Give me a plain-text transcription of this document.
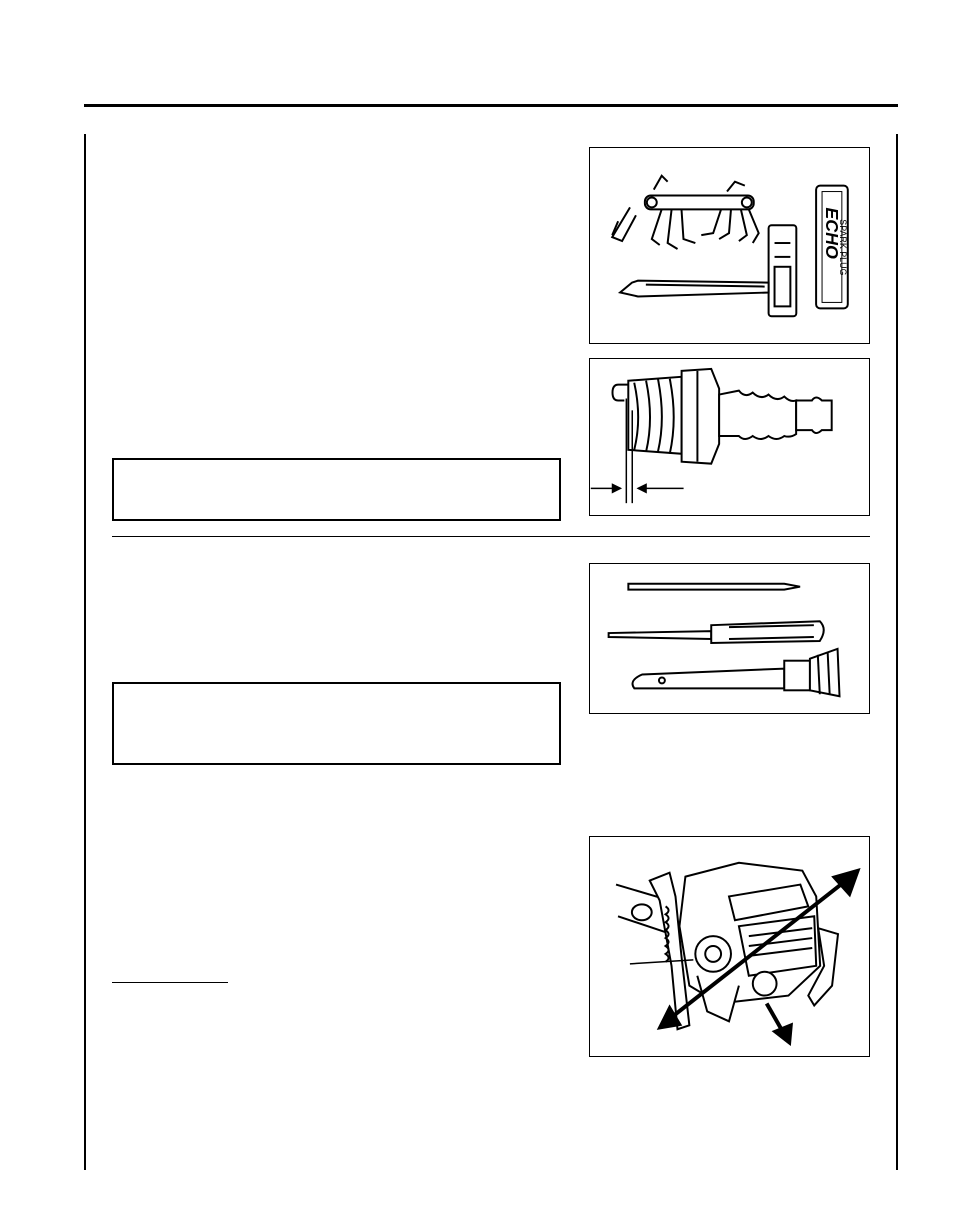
ECHO
SPARK PLUG
